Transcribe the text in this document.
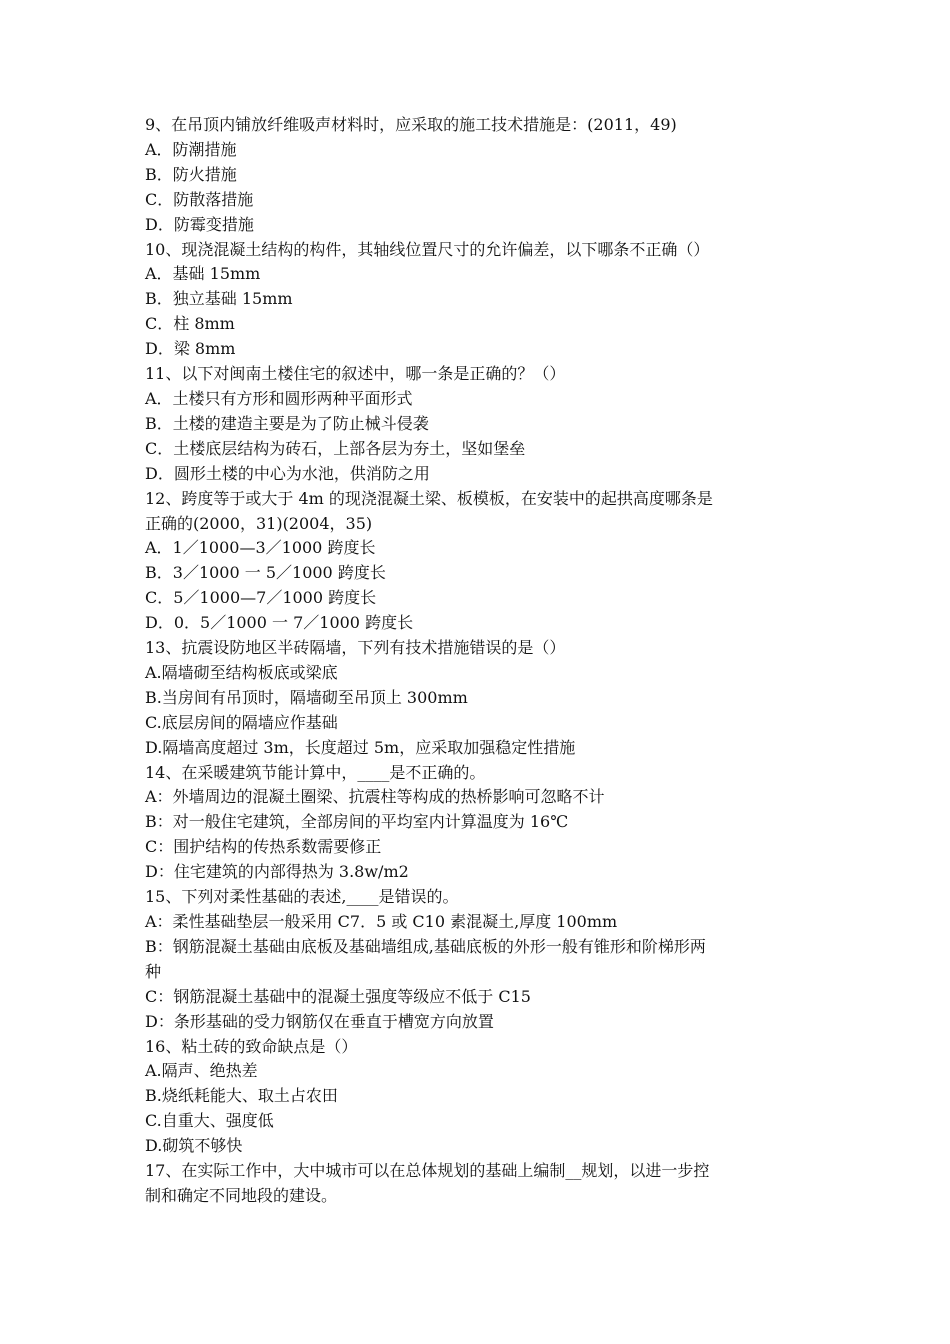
9、在吊顶内铺放纤维吸声材料时，应采取的施工技术措施是：(2011，49)

A．防潮措施

B．防火措施

C．防散落措施

D．防霉变措施

10、现浇混凝土结构的构件，其轴线位置尺寸的允许偏差，以下哪条不正确（）

A．基础 15mm

B．独立基础 15mm

C．柱 8mm

D．梁 8mm

11、以下对闽南土楼住宅的叙述中，哪一条是正确的？（）

A．土楼只有方形和圆形两种平面形式

B．土楼的建造主要是为了防止械斗侵袭

C．土楼底层结构为砖石，上部各层为夯土，坚如堡垒

D．圆形土楼的中心为水池，供消防之用

12、跨度等于或大于 4m 的现浇混凝土梁、板模板，在安装中的起拱高度哪条是

正确的(2000，31)(2004，35)

A．1／1000—3／1000 跨度长

B．3／1000 一 5／1000 跨度长

C．5／1000—7／1000 跨度长

D．0．5／1000 一 7／1000 跨度长

13、抗震设防地区半砖隔墙，下列有技术措施错误的是（）

A.隔墙砌至结构板底或梁底

B.当房间有吊顶时，隔墙砌至吊顶上 300mm

C.底层房间的隔墙应作基础

D.隔墙高度超过 3m，长度超过 5m，应采取加强稳定性措施

14、在采暖建筑节能计算中，____是不正确的。

A：外墙周边的混凝土圈梁、抗震柱等构成的热桥影响可忽略不计

B：对一般住宅建筑，全部房间的平均室内计算温度为 16℃

C：围护结构的传热系数需要修正

D：住宅建筑的内部得热为 3.8w/m2

15、下列对柔性基础的表述,____是错误的。

A：柔性基础垫层一般采用 C7．5 或 C10 素混凝土,厚度 100mm

B：钢筋混凝土基础由底板及基础墙组成,基础底板的外形一般有锥形和阶梯形两

种

C：钢筋混凝土基础中的混凝土强度等级应不低于 C15

D：条形基础的受力钢筋仅在垂直于槽宽方向放置

16、粘土砖的致命缺点是（）

A.隔声、绝热差

B.烧纸耗能大、取土占农田

C.自重大、强度低

D.砌筑不够快

17、在实际工作中，大中城市可以在总体规划的基础上编制__规划，以进一步控

制和确定不同地段的建设。
